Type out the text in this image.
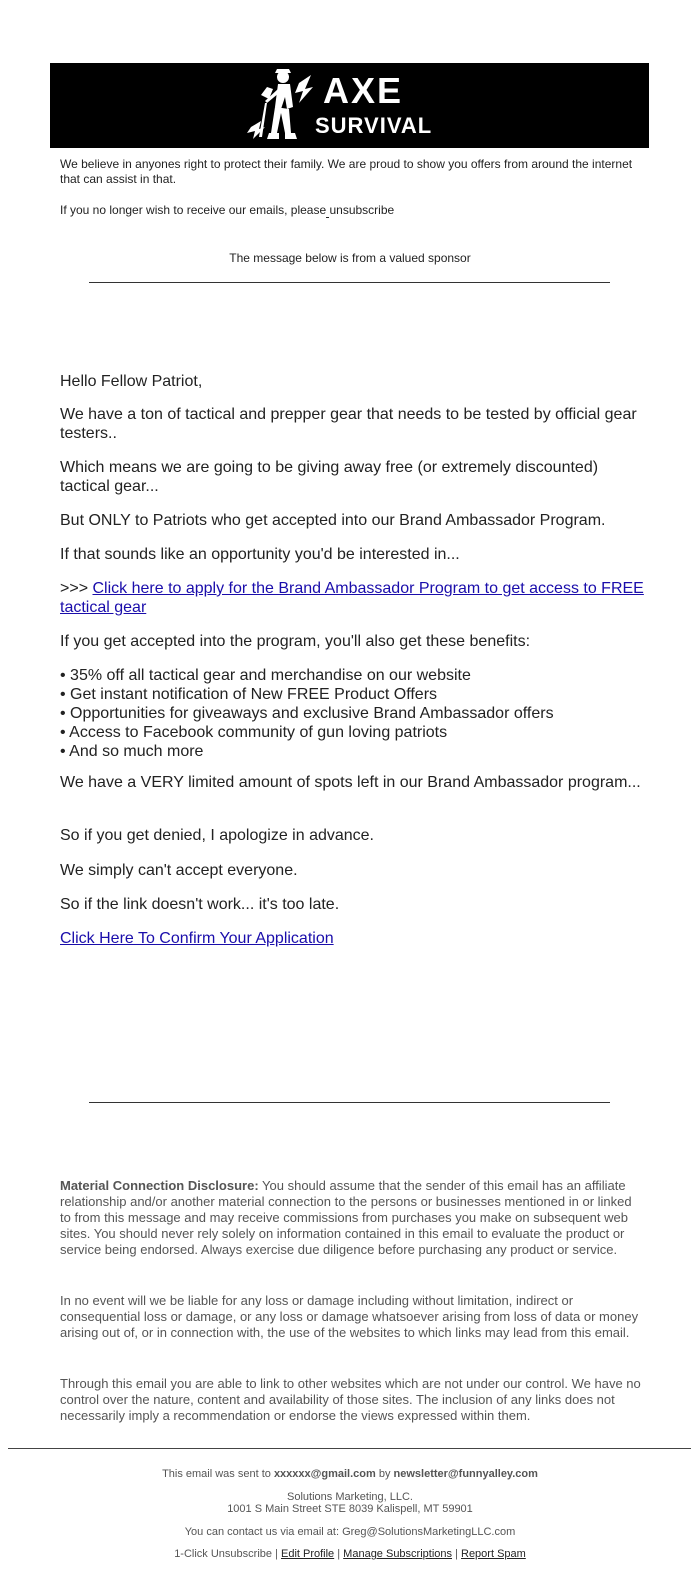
AXE
SURVIVAL
We believe in anyones right to protect their family. We are proud to show you offers from around the internet that can assist in that.
If you no longer wish to receive our emails, please unsubscribe
The message below is from a valued sponsor
Hello Fellow Patriot,
We have a ton of tactical and prepper gear that needs to be tested by official gear testers..
Which means we are going to be giving away free (or extremely discounted) tactical gear...
But ONLY to Patriots who get accepted into our Brand Ambassador Program.
If that sounds like an opportunity you'd be interested in...
>>> Click here to apply for the Brand Ambassador Program to get access to FREE tactical gear
If you get accepted into the program, you'll also get these benefits:
• 35% off all tactical gear and merchandise on our website
• Get instant notification of New FREE Product Offers
• Opportunities for giveaways and exclusive Brand Ambassador offers
• Access to Facebook community of gun loving patriots
• And so much more
We have a VERY limited amount of spots left in our Brand Ambassador program...
So if you get denied, I apologize in advance.
We simply can't accept everyone.
So if the link doesn't work... it's too late.
Click Here To Confirm Your Application
Material Connection Disclosure: You should assume that the sender of this email has an affiliate relationship and/or another material connection to the persons or businesses mentioned in or linked to from this message and may receive commissions from purchases you make on subsequent web sites. You should never rely solely on information contained in this email to evaluate the product or service being endorsed. Always exercise due diligence before purchasing any product or service.
In no event will we be liable for any loss or damage including without limitation, indirect or consequential loss or damage, or any loss or damage whatsoever arising from loss of data or money arising out of, or in connection with, the use of the websites to which links may lead from this email.
Through this email you are able to link to other websites which are not under our control. We have no control over the nature, content and availability of those sites. The inclusion of any links does not necessarily imply a recommendation or endorse the views expressed within them.
This email was sent to xxxxxx@gmail.com by newsletter@funnyalley.com
Solutions Marketing, LLC.
1001 S Main Street STE 8039 Kalispell, MT 59901
You can contact us via email at: Greg@SolutionsMarketingLLC.com
1-Click Unsubscribe | Edit Profile | Manage Subscriptions | Report Spam
